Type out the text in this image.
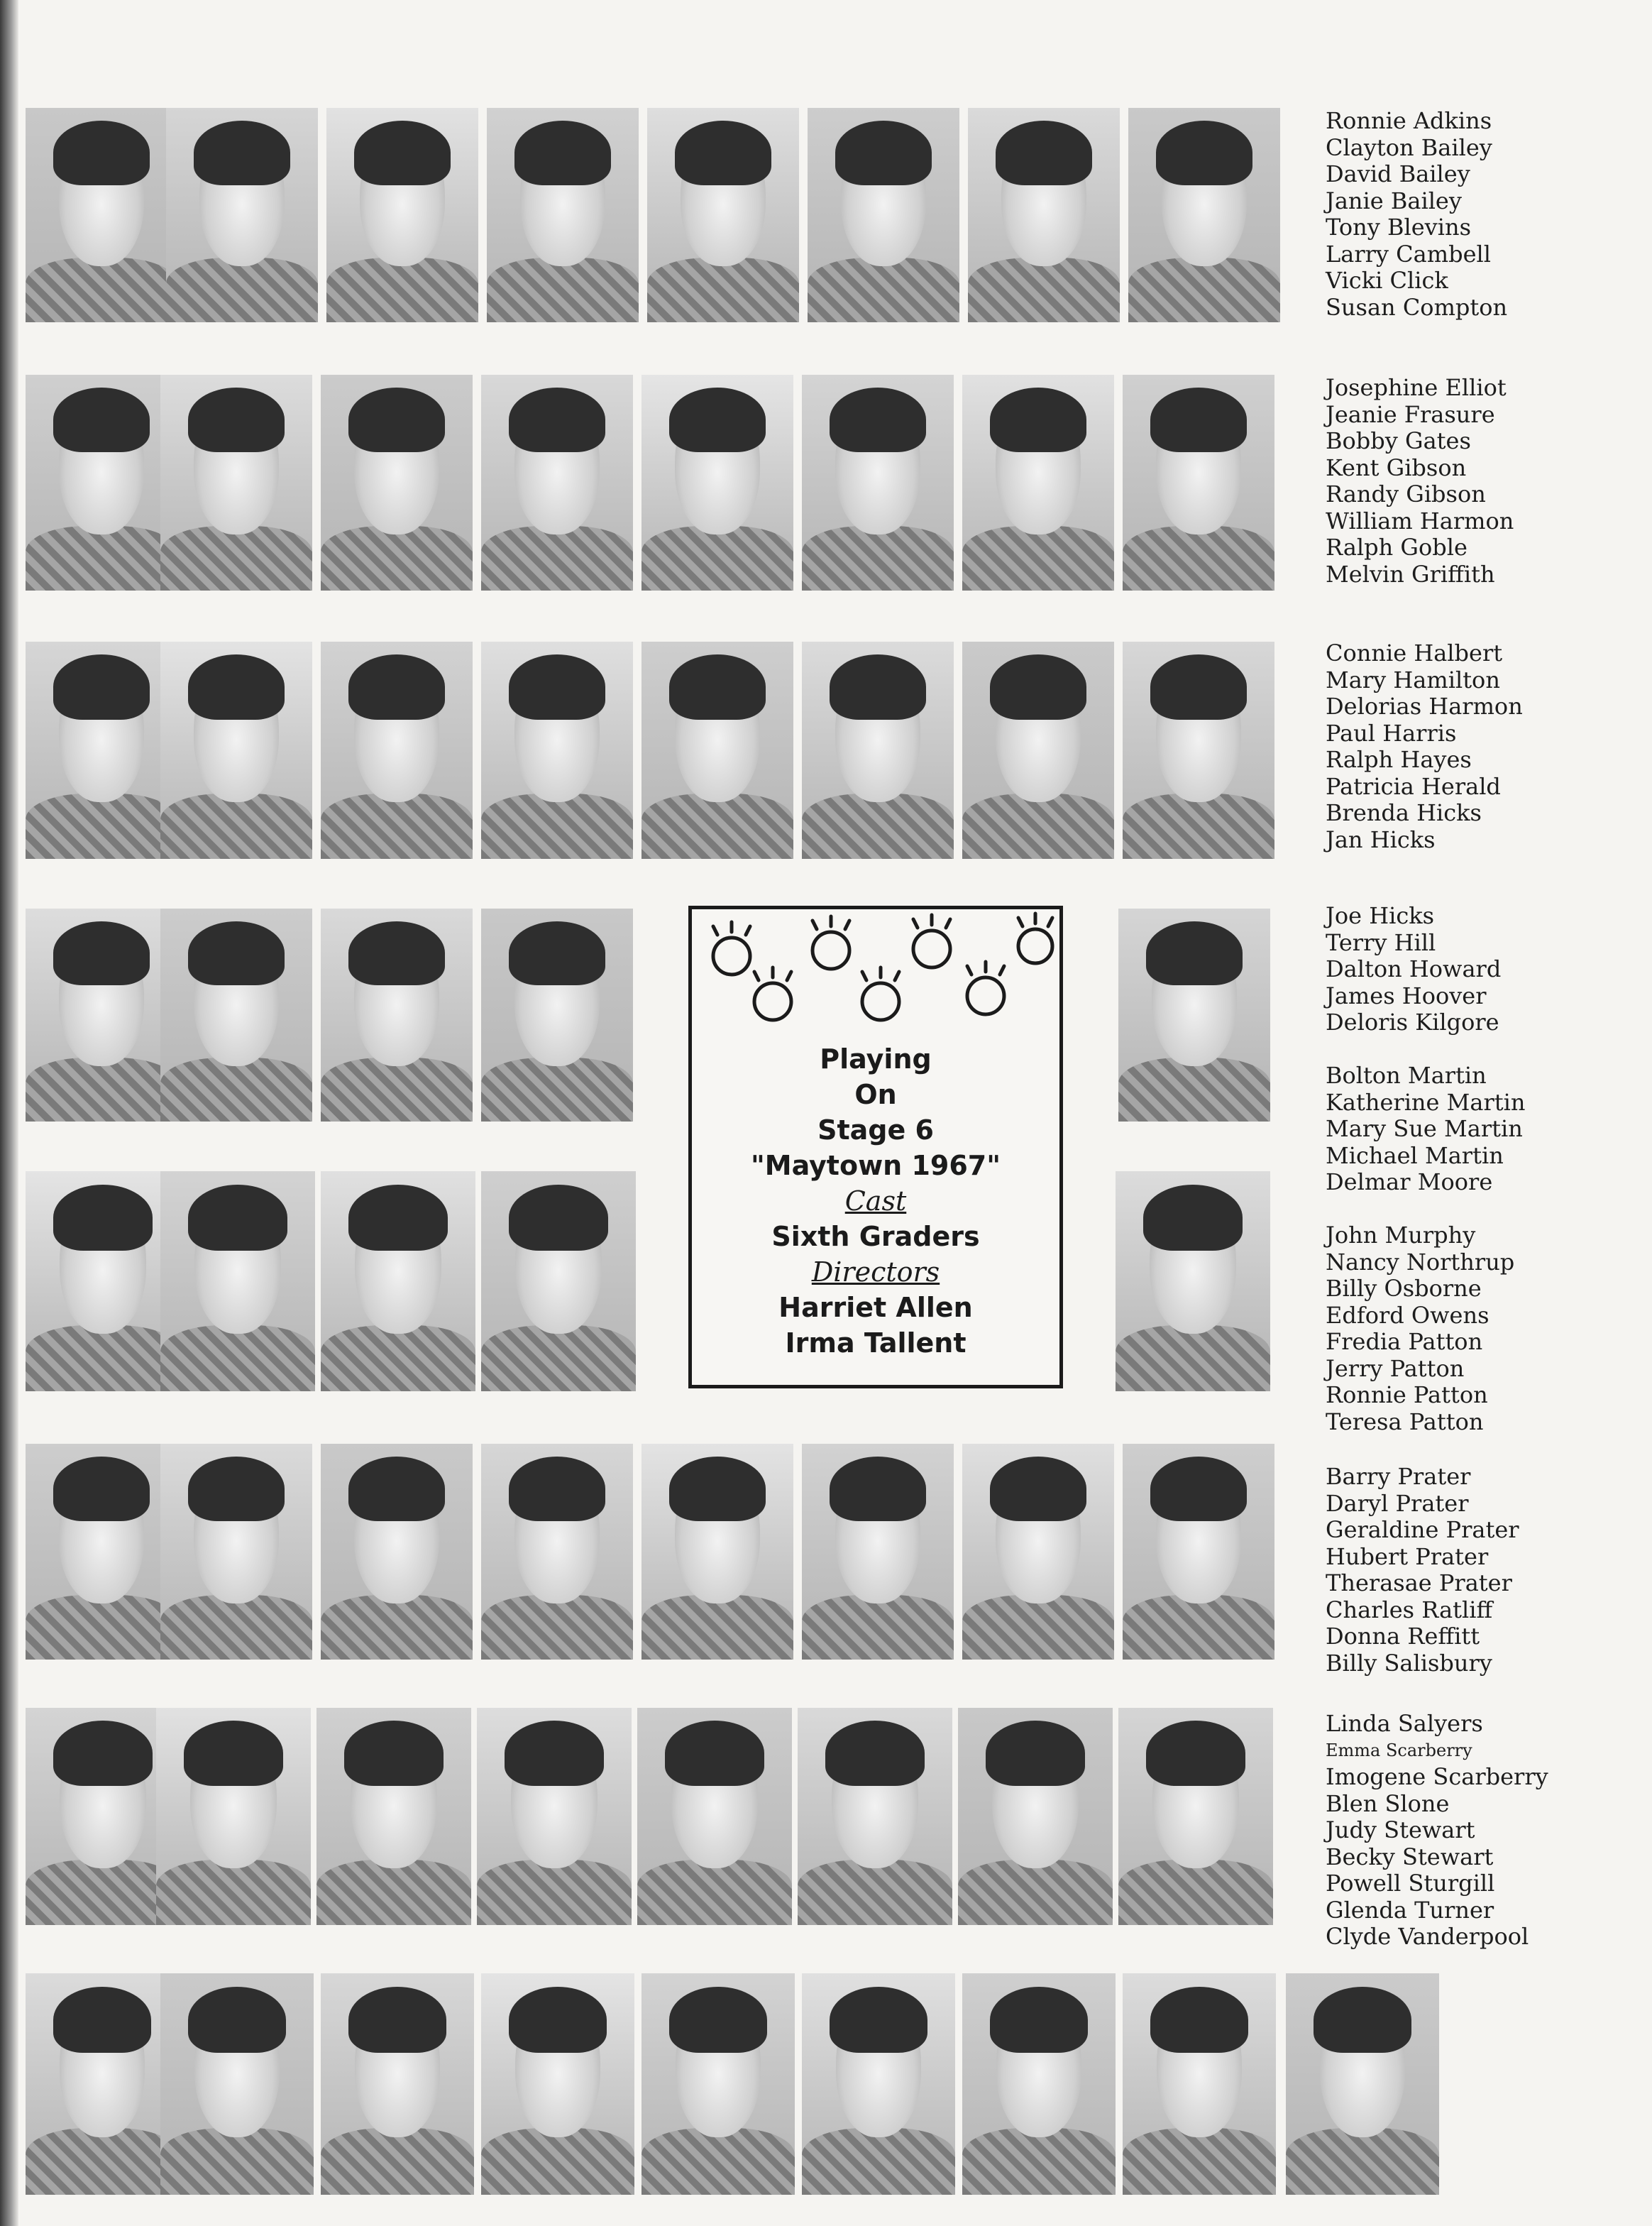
Ronnie Adkins
Clayton Bailey
David Bailey
Janie Bailey
Tony Blevins
Larry Cambell
Vicki Click
Susan Compton
Josephine Elliot
Jeanie Frasure
Bobby Gates
Kent Gibson
Randy Gibson
William Harmon
Ralph Goble
Melvin Griffith
Connie Halbert
Mary Hamilton
Delorias Harmon
Paul Harris
Ralph Hayes
Patricia Herald
Brenda Hicks
Jan Hicks
Joe Hicks
Terry Hill
Dalton Howard
James Hoover
Deloris Kilgore
Bolton Martin
Katherine Martin
Mary Sue Martin
Michael Martin
Delmar Moore
John Murphy
Nancy Northrup
Billy Osborne
Edford Owens
Fredia Patton
Jerry Patton
Ronnie Patton
Teresa Patton
Barry Prater
Daryl Prater
Geraldine Prater
Hubert Prater
Therasae Prater
Charles Ratliff
Donna Reffitt
Billy Salisbury
Linda Salyers
Emma Scarberry
Imogene Scarberry
Blen Slone
Judy Stewart
Becky Stewart
Powell Sturgill
Glenda Turner
Clyde Vanderpool
Playing
On
Stage 6
"Maytown 1967"
Cast
Sixth Graders
Directors
Harriet Allen
Irma Tallent
